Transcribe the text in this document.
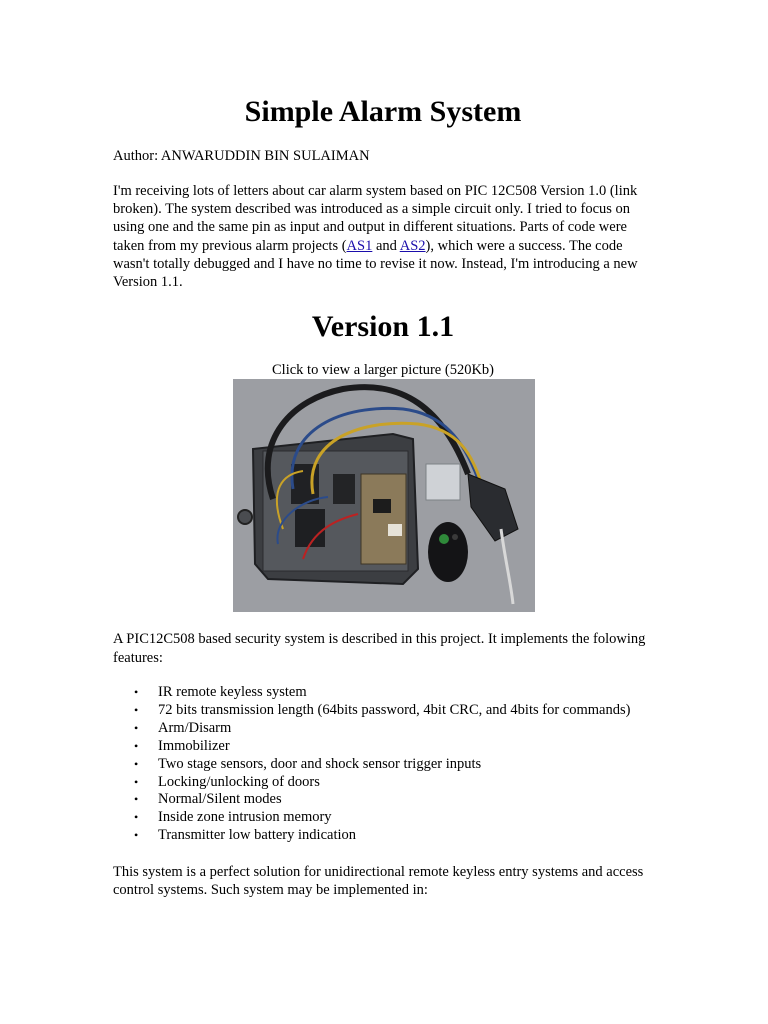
Simple Alarm System

Author: ANWARUDDIN BIN SULAIMAN

I'm receiving lots of letters about car alarm system based on PIC 12C508 Version 1.0 (link broken). The system described was introduced as a simple circuit only. I tried to focus on using one and the same pin as input and output in different situations. Parts of code were taken from my previous alarm projects (AS1 and AS2), which were a success. The code wasn't totally debugged and I have no time to revise it now. Instead, I'm introducing a new Version 1.1.

Version 1.1

Click to view a larger picture (520Kb)

A PIC12C508 based security system is described in this project. It implements the folowing features:

• IR remote keyless system
• 72 bits transmission length (64bits password, 4bit CRC, and 4bits for commands)
• Arm/Disarm
• Immobilizer
• Two stage sensors, door and shock sensor trigger inputs
• Locking/unlocking of doors
• Normal/Silent modes
• Inside zone intrusion memory
• Transmitter low battery indication

This system is a perfect solution for unidirectional remote keyless entry systems and access control systems. Such system may be implemented in:
